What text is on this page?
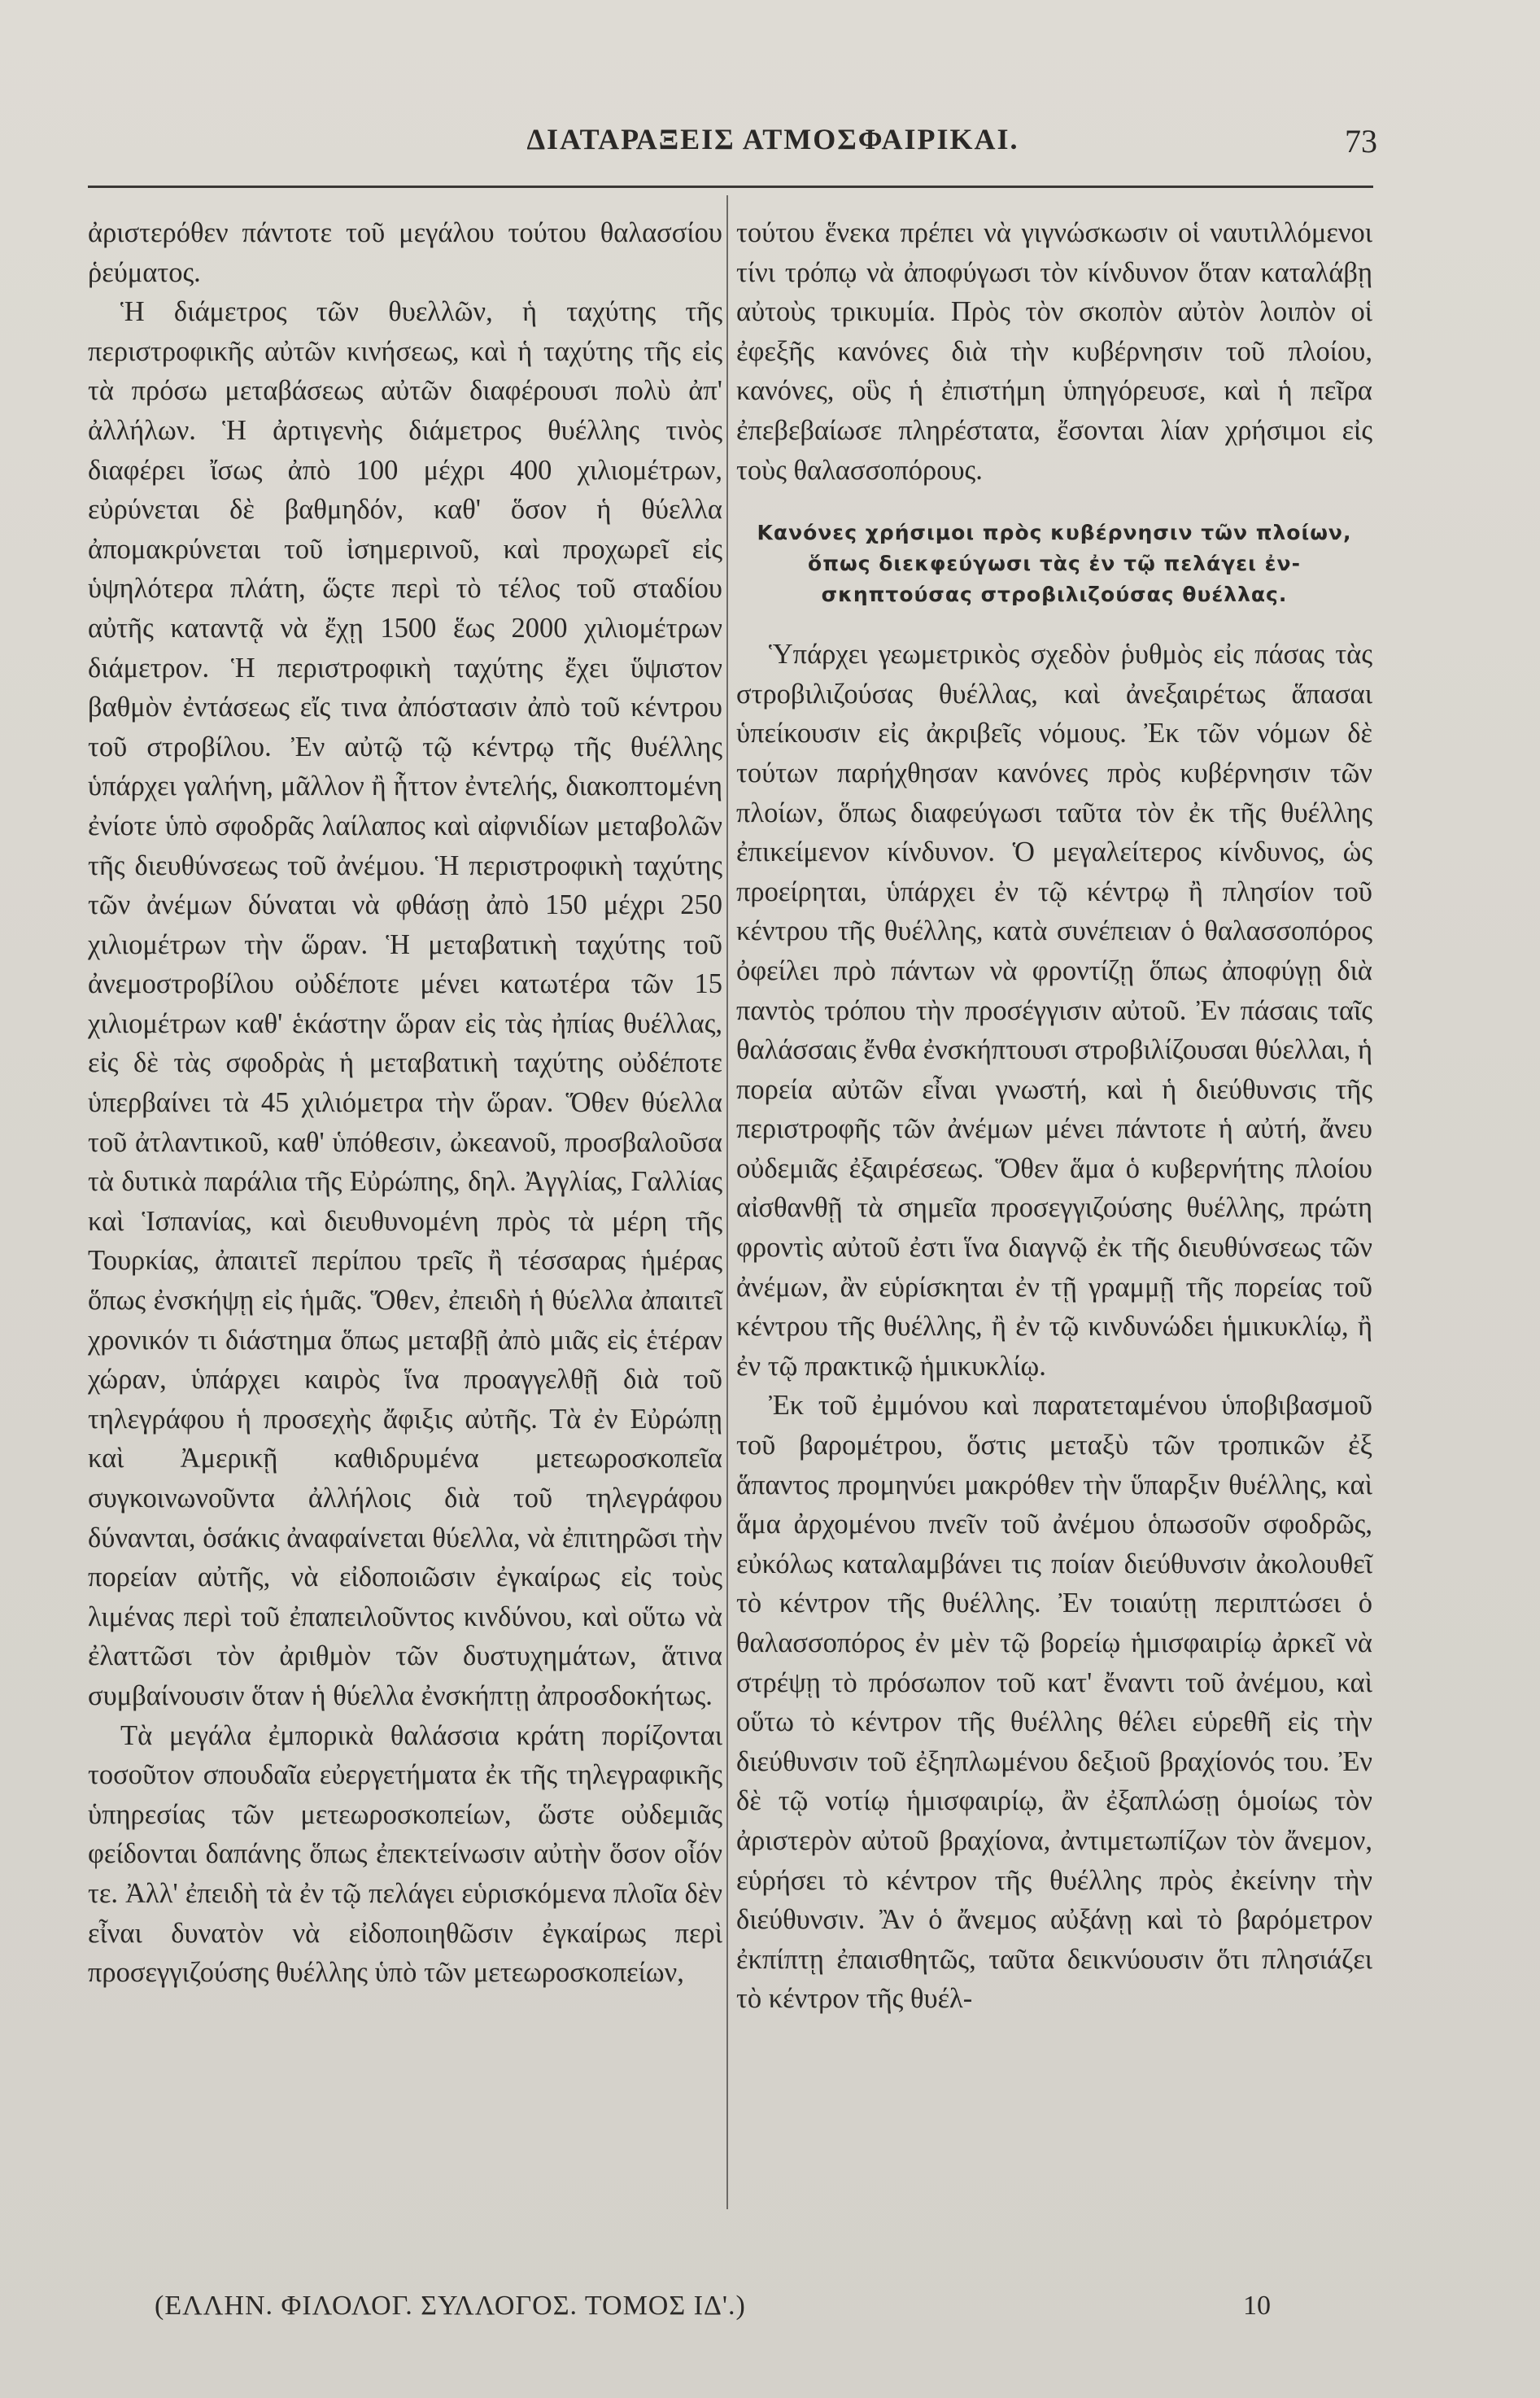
ΔΙΑΤΑΡΑΞΕΙΣ ΑΤΜΟΣΦΑΙΡΙΚΑΙ.	73

ἀριστερόθεν πάντοτε τοῦ μεγάλου τούτου θαλασσίου ῥεύματος.

Ἡ διάμετρος τῶν θυελλῶν, ἡ ταχύτης τῆς περιστροφικῆς αὐτῶν κινήσεως, καὶ ἡ ταχύτης τῆς εἰς τὰ πρόσω μεταβάσεως αὐτῶν διαφέρουσι πολὺ ἀπ' ἀλλήλων. Ἡ ἀρτιγενὴς διάμετρος θυέλλης τινὸς διαφέρει ἴσως ἀπὸ 100 μέχρι 400 χιλιομέτρων, εὐρύνεται δὲ βαθμηδόν, καθ' ὅσον ἡ θύελλα ἀπομακρύνεται τοῦ ἰσημερινοῦ, καὶ προχωρεῖ εἰς ὑψηλότερα πλάτη, ὥςτε περὶ τὸ τέλος τοῦ σταδίου αὐτῆς καταντᾷ νὰ ἔχῃ 1500 ἕως 2000 χιλιομέτρων διάμετρον. Ἡ περιστροφικὴ ταχύτης ἔχει ὕψιστον βαθμὸν ἐντάσεως εἴς τινα ἀπόστασιν ἀπὸ τοῦ κέντρου τοῦ στροβίλου. Ἐν αὐτῷ τῷ κέντρῳ τῆς θυέλλης ὑπάρχει γαλήνη, μᾶλλον ἢ ἧττον ἐντελής, διακοπτομένη ἐνίοτε ὑπὸ σφοδρᾶς λαίλαπος καὶ αἰφνιδίων μεταβολῶν τῆς διευθύνσεως τοῦ ἀνέμου. Ἡ περιστροφικὴ ταχύτης τῶν ἀνέμων δύναται νὰ φθάσῃ ἀπὸ 150 μέχρι 250 χιλιομέτρων τὴν ὥραν. Ἡ μεταβατικὴ ταχύτης τοῦ ἀνεμοστροβίλου οὐδέποτε μένει κατωτέρα τῶν 15 χιλιομέτρων καθ' ἑκάστην ὥραν εἰς τὰς ἠπίας θυέλλας, εἰς δὲ τὰς σφοδρὰς ἡ μεταβατικὴ ταχύτης οὐδέποτε ὑπερβαίνει τὰ 45 χιλιόμετρα τὴν ὥραν. Ὅθεν θύελλα τοῦ ἀτλαντικοῦ, καθ' ὑπόθεσιν, ὠκεανοῦ, προσβαλοῦσα τὰ δυτικὰ παράλια τῆς Εὐρώπης, δηλ. Ἀγγλίας, Γαλλίας καὶ Ἱσπανίας, καὶ διευθυνομένη πρὸς τὰ μέρη τῆς Τουρκίας, ἀπαιτεῖ περίπου τρεῖς ἢ τέσσαρας ἡμέρας ὅπως ἐνσκήψῃ εἰς ἡμᾶς. Ὅθεν, ἐπειδὴ ἡ θύελλα ἀπαιτεῖ χρονικόν τι διάστημα ὅπως μεταβῇ ἀπὸ μιᾶς εἰς ἑτέραν χώραν, ὑπάρχει καιρὸς ἵνα προαγγελθῇ διὰ τοῦ τηλεγράφου ἡ προσεχὴς ἄφιξις αὐτῆς. Τὰ ἐν Εὐρώπῃ καὶ Ἀμερικῇ καθιδρυμένα μετεωροσκοπεῖα συγκοινωνοῦντα ἀλλήλοις διὰ τοῦ τηλεγράφου δύνανται, ὁσάκις ἀναφαίνεται θύελλα, νὰ ἐπιτηρῶσι τὴν πορείαν αὐτῆς, νὰ εἰδοποιῶσιν ἐγκαίρως εἰς τοὺς λιμένας περὶ τοῦ ἐπαπειλοῦντος κινδύνου, καὶ οὕτω νὰ ἐλαττῶσι τὸν ἀριθμὸν τῶν δυστυχημάτων, ἅτινα συμβαίνουσιν ὅταν ἡ θύελλα ἐνσκήπτῃ ἀπροσδοκήτως.

Τὰ μεγάλα ἐμπορικὰ θαλάσσια κράτη πορίζονται τοσοῦτον σπουδαῖα εὐεργετήματα ἐκ τῆς τηλεγραφικῆς ὑπηρεσίας τῶν μετεωροσκοπείων, ὥστε οὐδεμιᾶς φείδονται δαπάνης ὅπως ἐπεκτείνωσιν αὐτὴν ὅσον οἷόν τε. Ἀλλ' ἐπειδὴ τὰ ἐν τῷ πελάγει εὑρισκόμενα πλοῖα δὲν εἶναι δυνατὸν νὰ εἰδοποιηθῶσιν ἐγκαίρως περὶ προσεγγιζούσης θυέλλης ὑπὸ τῶν μετεωροσκοπείων,

τούτου ἕνεκα πρέπει νὰ γιγνώσκωσιν οἱ ναυτιλλόμενοι τίνι τρόπῳ νὰ ἀποφύγωσι τὸν κίνδυνον ὅταν καταλάβῃ αὐτοὺς τρικυμία. Πρὸς τὸν σκοπὸν αὐτὸν λοιπὸν οἱ ἐφεξῆς κανόνες διὰ τὴν κυβέρνησιν τοῦ πλοίου, κανόνες, οὓς ἡ ἐπιστήμη ὑπηγόρευσε, καὶ ἡ πεῖρα ἐπεβεβαίωσε πληρέστατα, ἔσονται λίαν χρήσιμοι εἰς τοὺς θαλασσοπόρους.

Κανόνες χρήσιμοι πρὸς κυβέρνησιν τῶν πλοίων,
ὅπως διεκφεύγωσι τὰς ἐν τῷ πελάγει ἐν-
σκηπτούσας στροβιλιζούσας θυέλλας.

Ὑπάρχει γεωμετρικὸς σχεδὸν ῥυθμὸς εἰς πάσας τὰς στροβιλιζούσας θυέλλας, καὶ ἀνεξαιρέτως ἅπασαι ὑπείκουσιν εἰς ἀκριβεῖς νόμους. Ἐκ τῶν νόμων δὲ τούτων παρήχθησαν κανόνες πρὸς κυβέρνησιν τῶν πλοίων, ὅπως διαφεύγωσι ταῦτα τὸν ἐκ τῆς θυέλλης ἐπικείμενον κίνδυνον. Ὁ μεγαλείτερος κίνδυνος, ὡς προείρηται, ὑπάρχει ἐν τῷ κέντρῳ ἢ πλησίον τοῦ κέντρου τῆς θυέλλης, κατὰ συνέπειαν ὁ θαλασσοπόρος ὀφείλει πρὸ πάντων νὰ φροντίζῃ ὅπως ἀποφύγῃ διὰ παντὸς τρόπου τὴν προσέγγισιν αὐτοῦ. Ἐν πάσαις ταῖς θαλάσσαις ἔνθα ἐνσκήπτουσι στροβιλίζουσαι θύελλαι, ἡ πορεία αὐτῶν εἶναι γνωστή, καὶ ἡ διεύθυνσις τῆς περιστροφῆς τῶν ἀνέμων μένει πάντοτε ἡ αὐτή, ἄνευ οὐδεμιᾶς ἐξαιρέσεως. Ὅθεν ἅμα ὁ κυβερνήτης πλοίου αἰσθανθῇ τὰ σημεῖα προσεγγιζούσης θυέλλης, πρώτη φροντὶς αὐτοῦ ἐστι ἵνα διαγνῷ ἐκ τῆς διευθύνσεως τῶν ἀνέμων, ἂν εὑρίσκηται ἐν τῇ γραμμῇ τῆς πορείας τοῦ κέντρου τῆς θυέλλης, ἢ ἐν τῷ κινδυνώδει ἡμικυκλίῳ, ἢ ἐν τῷ πρακτικῷ ἡμικυκλίῳ.

Ἐκ τοῦ ἐμμόνου καὶ παρατεταμένου ὑποβιβασμοῦ τοῦ βαρομέτρου, ὅστις μεταξὺ τῶν τροπικῶν ἐξ ἅπαντος προμηνύει μακρόθεν τὴν ὕπαρξιν θυέλλης, καὶ ἅμα ἀρχομένου πνεῖν τοῦ ἀνέμου ὁπωσοῦν σφοδρῶς, εὐκόλως καταλαμβάνει τις ποίαν διεύθυνσιν ἀκολουθεῖ τὸ κέντρον τῆς θυέλλης. Ἐν τοιαύτῃ περιπτώσει ὁ θαλασσοπόρος ἐν μὲν τῷ βορείῳ ἡμισφαιρίῳ ἀρκεῖ νὰ στρέψῃ τὸ πρόσωπον τοῦ κατ' ἔναντι τοῦ ἀνέμου, καὶ οὕτω τὸ κέντρον τῆς θυέλλης θέλει εὑρεθῆ εἰς τὴν διεύθυνσιν τοῦ ἐξηπλωμένου δεξιοῦ βραχίονός του. Ἐν δὲ τῷ νοτίῳ ἡμισφαιρίῳ, ἂν ἐξαπλώσῃ ὁμοίως τὸν ἀριστερὸν αὐτοῦ βραχίονα, ἀντιμετωπίζων τὸν ἄνεμον, εὑρήσει τὸ κέντρον τῆς θυέλλης πρὸς ἐκείνην τὴν διεύθυνσιν. Ἂν ὁ ἄνεμος αὐξάνῃ καὶ τὸ βαρόμετρον ἐκπίπτῃ ἐπαισθητῶς, ταῦτα δεικνύουσιν ὅτι πλησιάζει τὸ κέντρον τῆς θυέλ-

(ΕΛΛΗΝ. ΦΙΛΟΛΟΓ. ΣΥΛΛΟΓΟΣ. ΤΟΜΟΣ ΙΔ'.)	10
